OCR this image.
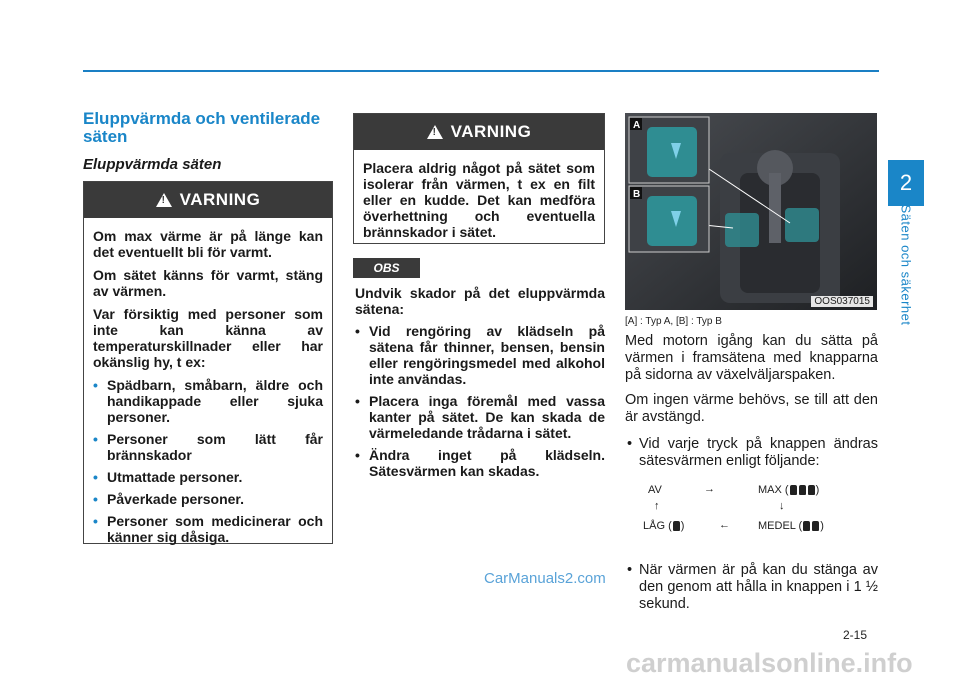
2
Säten och säkerhet
Eluppvärmda och ventilerade säten
Eluppvärmda säten
!
VARNING

Om max värme är på länge kan det eventuellt bli för varmt.

Om sätet känns för varmt, stäng av värmen.

Var försiktig med personer som inte kan känna av temperaturskillnader eller har okänslig hy, t ex:

• Spädbarn, småbarn, äldre och handikappade eller sjuka personer.
• Personer som lätt får brännskador
• Utmattade personer.
• Påverkade personer.
• Personer som medicinerar och känner sig dåsiga.
!
VARNING

Placera aldrig något på sätet som isolerar från värmen, t ex en filt eller en kudde. Det kan medföra överhettning och eventuella brännskador i sätet.

OBS

Undvik skador på det eluppvärmda sätena:

• Vid rengöring av klädseln på sätena får thinner, bensen, bensin eller rengöringsmedel med alkohol inte användas.
• Placera inga föremål med vassa kanter på sätet. De kan skada de värmeledande trådarna i sätet.
• Ändra inget på klädseln. Sätesvärmen kan skadas.
A
B
OOS037015
[A] : Typ A, [B] : Typ B

Med motorn igång kan du sätta på värmen i framsätena med knapparna på sidorna av växelväljarspaken.

Om ingen värme behövs, se till att den är avstängd.

• Vid varje tryck på knappen ändras sätesvärmen enligt följande:
AV	→	MAX ( )
↑	↓
LÅG ( )	←	MEDEL ( )
• När värmen är på kan du stänga av den genom att hålla in knappen i 1 ½ sekund.
CarManuals2.com
2-15
carmanualsonline.info
